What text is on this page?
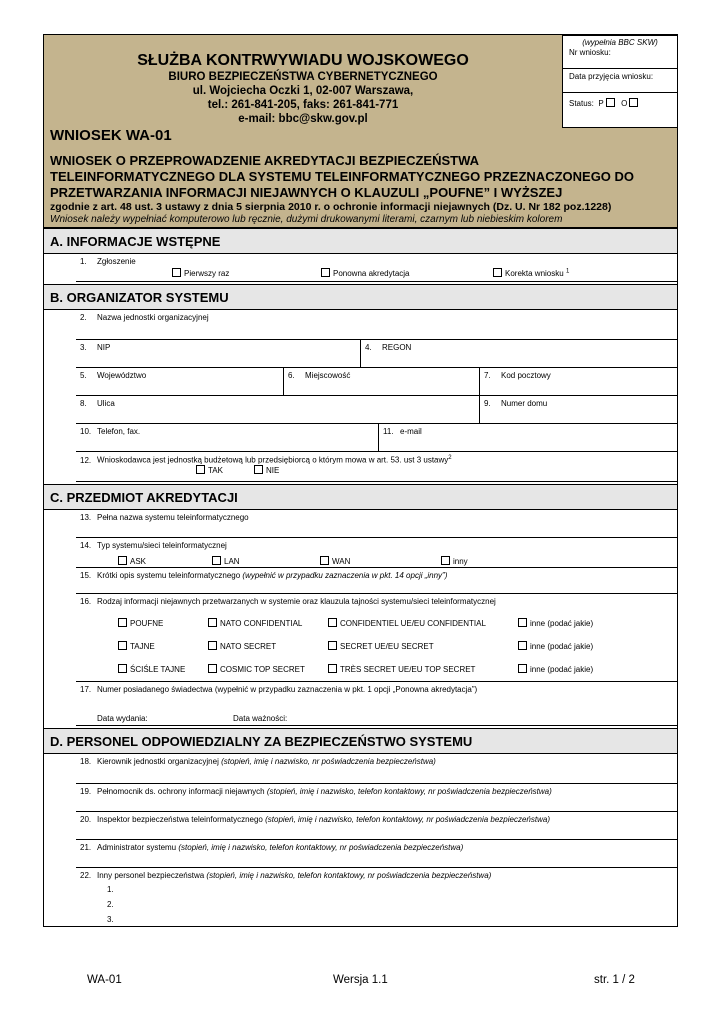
SŁUŻBA KONTRWYWIADU WOJSKOWEGO
BIURO BEZPIECZEŃSTWA CYBERNETYCZNEGO
ul. Wojciecha Oczki 1, 02-007 Warszawa,
tel.: 261-841-205, faks: 261-841-771
e-mail: bbc@skw.gov.pl
WNIOSEK WA-01
WNIOSEK O PRZEPROWADZENIE AKREDYTACJI BEZPIECZEŃSTWA
TELEINFORMATYCZNEGO DLA SYSTEMU TELEINFORMATYCZNEGO PRZEZNACZONEGO DO
PRZETWARZANIA INFORMACJI NIEJAWNYCH O KLAUZULI „POUFNE” I WYŻSZEJ
zgodnie z art. 48 ust. 3 ustawy z dnia 5 sierpnia 2010 r. o ochronie informacji niejawnych (Dz. U. Nr 182 poz.1228)
Wniosek należy wypełniać komputerowo lub ręcznie, dużymi drukowanymi literami, czarnym lub niebieskim kolorem
(wypełnia BBC SKW)
Nr wniosku:
Data przyjęcia wniosku:
Status: P O
A. INFORMACJE WSTĘPNE
1. Zgłoszenie
Pierwszy raz	Ponowna akredytacja	Korekta wniosku $^1$
B. ORGANIZATOR SYSTEMU
2. Nazwa jednostki organizacyjnej
3. NIP	4. REGON
5. Województwo	6. Miejscowość	7. Kod pocztowy
8. Ulica	9. Numer domu
10. Telefon, fax.	11. e-mail
12. Wnioskodawca jest jednostką budżetową lub przedsiębiorcą o którym mowa w art. 53. ust 3 ustawy$^2$
TAK	NIE
C. PRZEDMIOT AKREDYTACJI
13. Pełna nazwa systemu teleinformatycznego
14. Typ systemu/sieci teleinformatycznej
ASK	LAN	WAN	inny
15. Krótki opis systemu teleinformatycznego (wypełnić w przypadku zaznaczenia w pkt. 14 opcji „inny”)
16. Rodzaj informacji niejawnych przetwarzanych w systemie oraz klauzula tajności systemu/sieci teleinformatycznej
POUFNE	NATO CONFIDENTIAL	CONFIDENTIEL UE/EU CONFIDENTIAL	inne (podać jakie)
TAJNE	NATO SECRET	SECRET UE/EU SECRET	inne (podać jakie)
ŚCIŚLE TAJNE	COSMIC TOP SECRET	TRÈS SECRET UE/EU TOP SECRET	inne (podać jakie)
17. Numer posiadanego świadectwa (wypełnić w przypadku zaznaczenia w pkt. 1 opcji „Ponowna akredytacja”)
Data wydania:	Data ważności:
D. PERSONEL ODPOWIEDZIALNY ZA BEZPIECZEŃSTWO SYSTEMU
18. Kierownik jednostki organizacyjnej (stopień, imię i nazwisko, nr poświadczenia bezpieczeństwa)
19. Pełnomocnik ds. ochrony informacji niejawnych (stopień, imię i nazwisko, telefon kontaktowy, nr poświadczenia bezpieczeństwa)
20. Inspektor bezpieczeństwa teleinformatycznego (stopień, imię i nazwisko, telefon kontaktowy, nr poświadczenia bezpieczeństwa)
21. Administrator systemu (stopień, imię i nazwisko, telefon kontaktowy, nr poświadczenia bezpieczeństwa)
22. Inny personel bezpieczeństwa (stopień, imię i nazwisko, telefon kontaktowy, nr poświadczenia bezpieczeństwa)
1.
2.
3.
WA-01	Wersja 1.1	str. 1 / 2
